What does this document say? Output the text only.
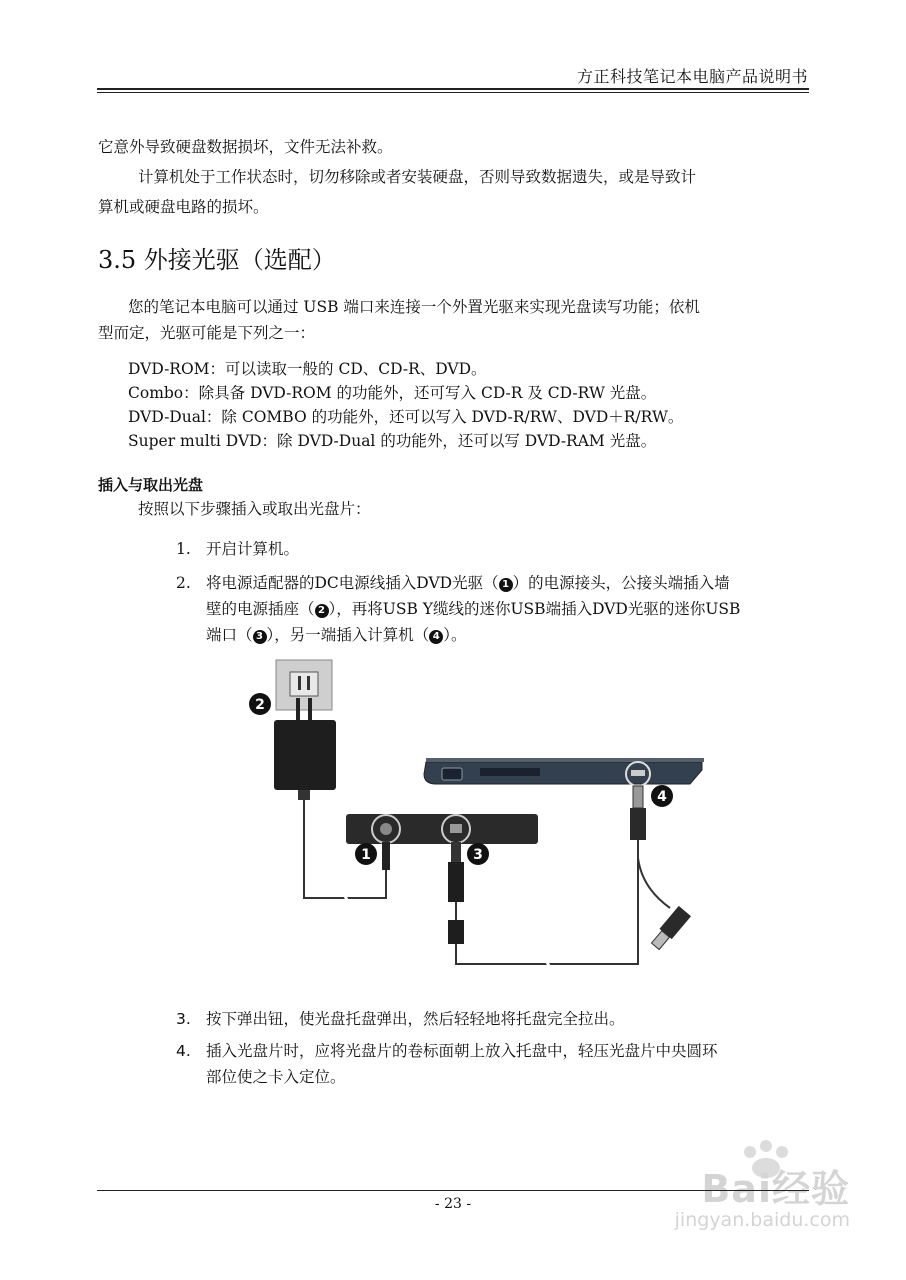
方正科技笔记本电脑产品说明书
它意外导致硬盘数据损坏，文件无法补救。
计算机处于工作状态时，切勿移除或者安装硬盘，否则导致数据遗失，或是导致计
算机或硬盘电路的损坏。
3.5 外接光驱（选配）
您的笔记本电脑可以通过 USB 端口来连接一个外置光驱来实现光盘读写功能；依机
型而定，光驱可能是下列之一：
DVD-ROM：可以读取一般的 CD、CD-R、DVD。
Combo：除具备 DVD-ROM 的功能外，还可写入 CD-R 及 CD-RW 光盘。
DVD-Dual：除 COMBO 的功能外，还可以写入 DVD-R/RW、DVD＋R/RW。
Super multi DVD：除 DVD-Dual 的功能外，还可以写 DVD-RAM 光盘。
插入与取出光盘
按照以下步骤插入或取出光盘片：
1. 开启计算机。
2. 将电源适配器的DC电源线插入DVD光驱（ 1 ）的电源接头，公接头端插入墙
壁的电源插座（ 2 ），再将USB Y缆线的迷你USB端插入DVD光驱的迷你USB
端口（ 3 ），另一端插入计算机（ 4 ）。
2
1	3
4
3. 按下弹出钮，使光盘托盘弹出，然后轻轻地将托盘完全拉出。
4. 插入光盘片时，应将光盘片的卷标面朝上放入托盘中，轻压光盘片中央圆环
部位使之卡入定位。
Bai经验
jingyan.baidu.com
- 23 -
